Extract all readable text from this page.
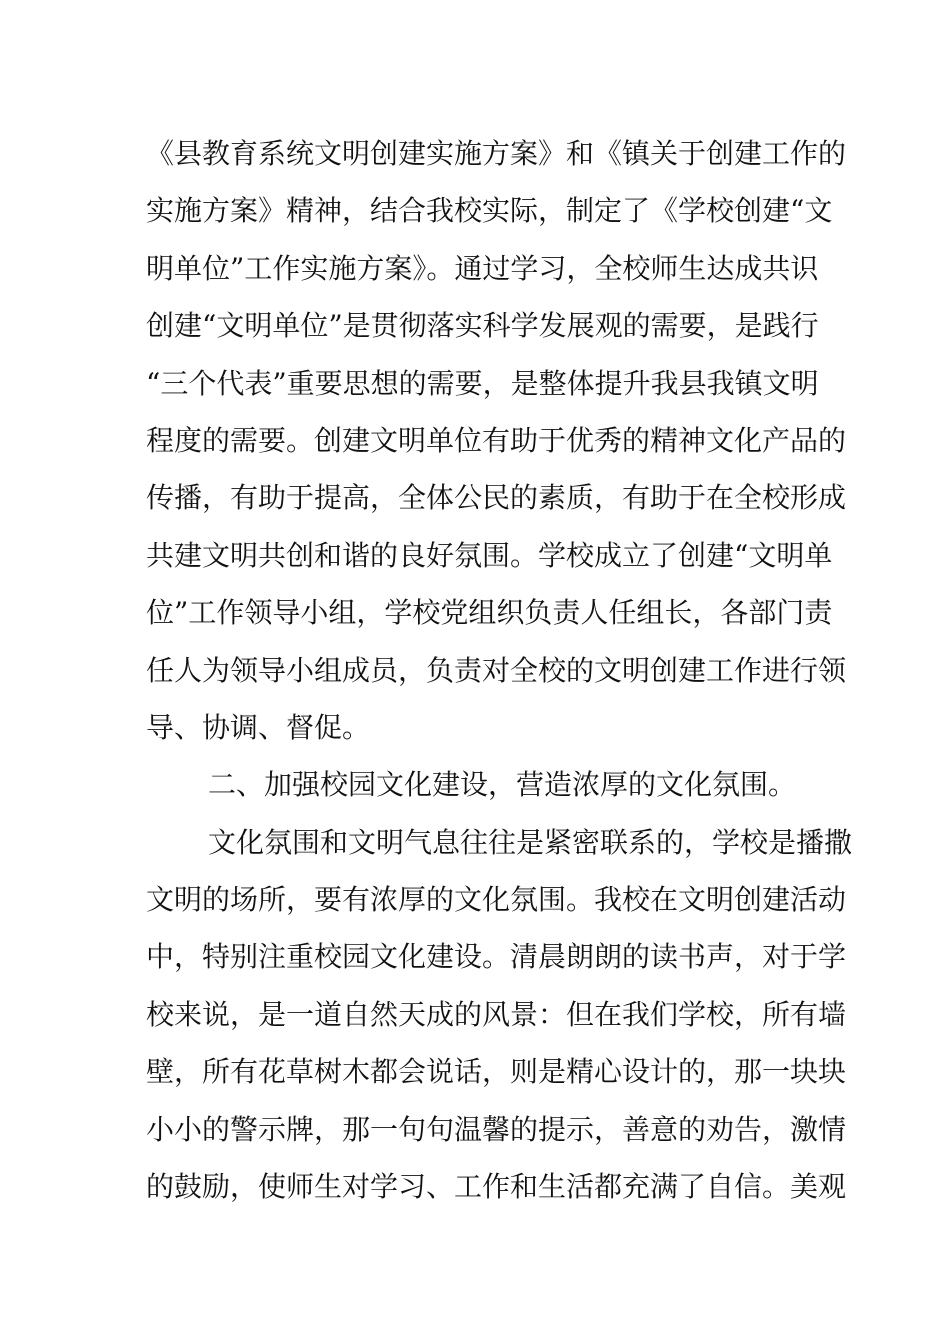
《县教育系统文明创建实施方案》和《镇关于创建工作的
实施方案》精神，结合我校实际，制定了《学校创建“文
明单位”工作实施方案》。通过学习，全校师生达成共识
创建“文明单位”是贯彻落实科学发展观的需要，是践行
“三个代表”重要思想的需要，是整体提升我县我镇文明
程度的需要。创建文明单位有助于优秀的精神文化产品的
传播，有助于提高，全体公民的素质，有助于在全校形成
共建文明共创和谐的良好氛围。学校成立了创建“文明单
位”工作领导小组，学校党组织负责人任组长，各部门责
任人为领导小组成员，负责对全校的文明创建工作进行领
导、协调、督促。
二、加强校园文化建设，营造浓厚的文化氛围。
文化氛围和文明气息往往是紧密联系的，学校是播撒
文明的场所，要有浓厚的文化氛围。我校在文明创建活动
中，特别注重校园文化建设。清晨朗朗的读书声，对于学
校来说，是一道自然天成的风景：但在我们学校，所有墙
壁，所有花草树木都会说话，则是精心设计的，那一块块
小小的警示牌，那一句句温馨的提示，善意的劝告，激情
的鼓励，使师生对学习、工作和生活都充满了自信。美观
